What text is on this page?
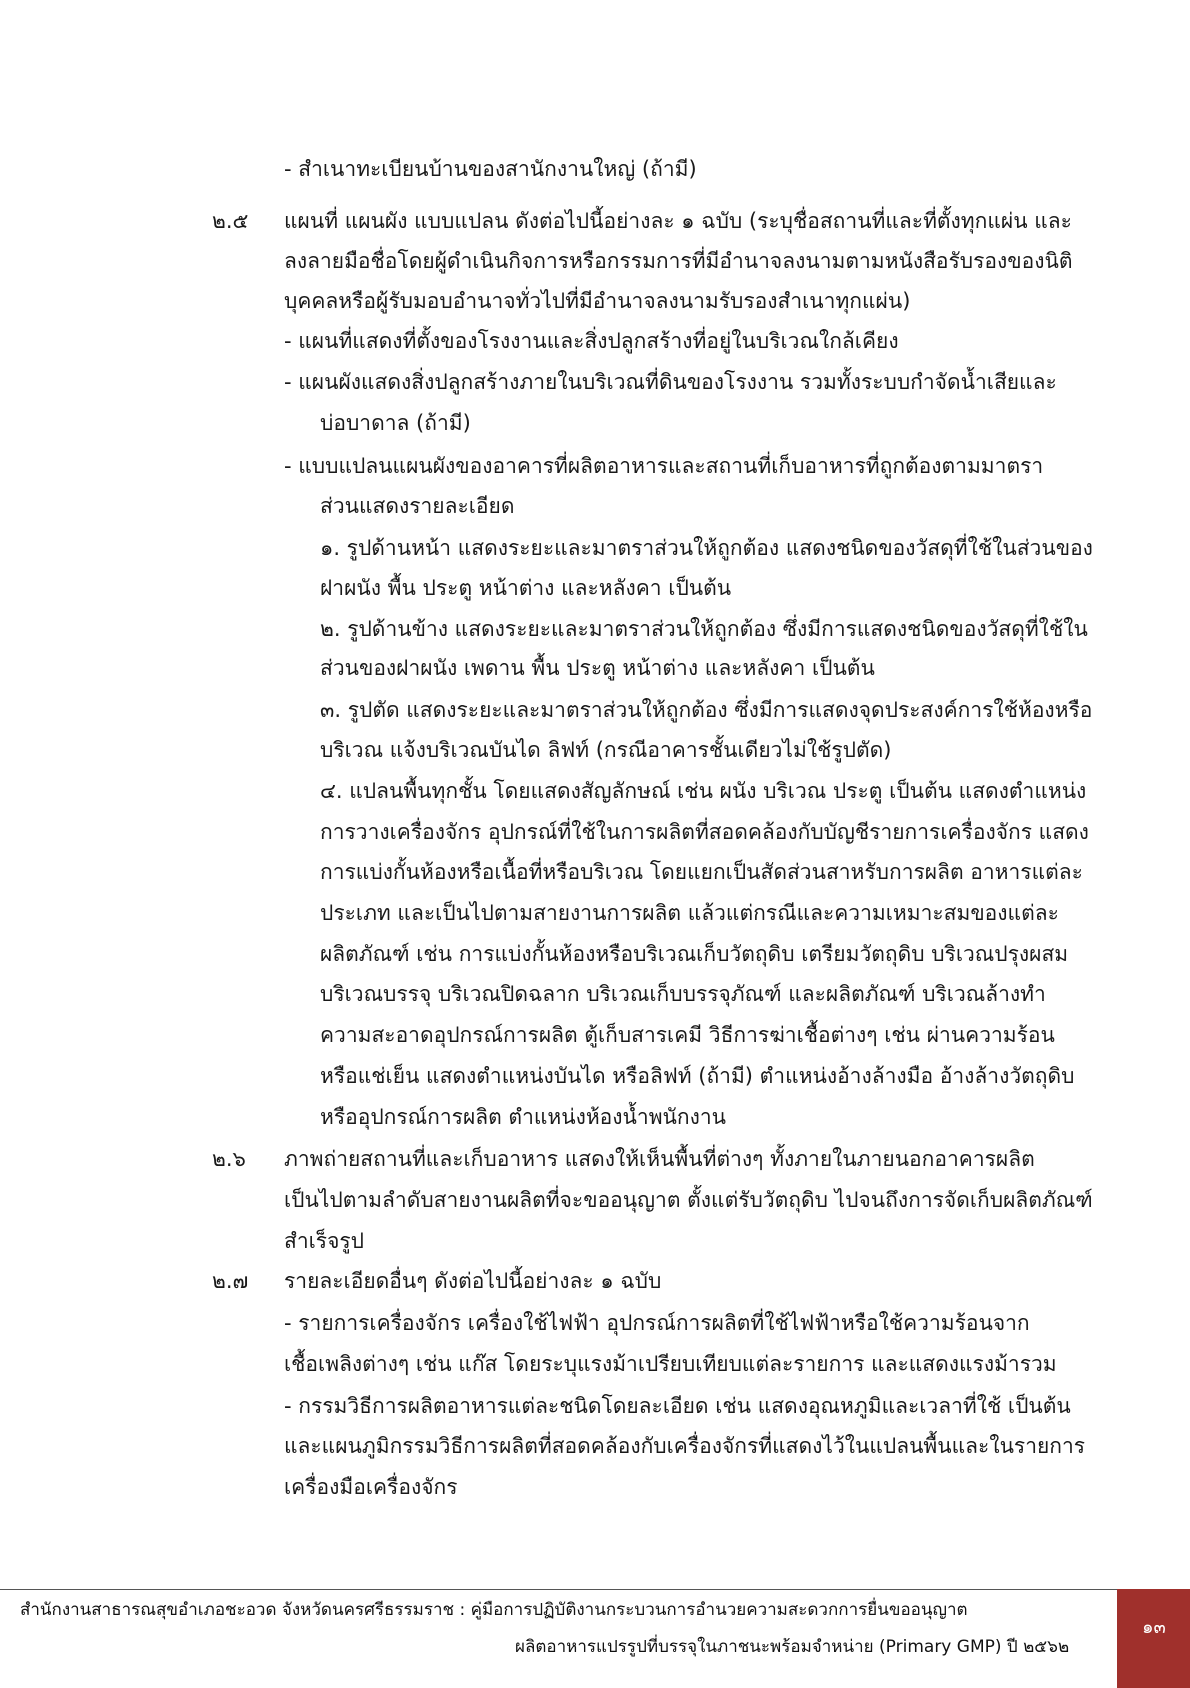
- สำเนาทะเบียนบ้านของสานักงานใหญ่ (ถ้ามี)
๒.๕ แผนที่ แผนผัง แบบแปลน ดังต่อไปนี้อย่างละ ๑ ฉบับ (ระบุชื่อสถานที่และที่ตั้งทุกแผ่น และ
ลงลายมือชื่อโดยผู้ดำเนินกิจการหรือกรรมการที่มีอำนาจลงนามตามหนังสือรับรองของนิติ
บุคคลหรือผู้รับมอบอำนาจทั่วไปที่มีอำนาจลงนามรับรองสำเนาทุกแผ่น)
- แผนที่แสดงที่ตั้งของโรงงานและสิ่งปลูกสร้างที่อยู่ในบริเวณใกล้เคียง
- แผนผังแสดงสิ่งปลูกสร้างภายในบริเวณที่ดินของโรงงาน รวมทั้งระบบกำจัดน้ำเสียและ
บ่อบาดาล (ถ้ามี)
- แบบแปลนแผนผังของอาคารที่ผลิตอาหารและสถานที่เก็บอาหารที่ถูกต้องตามมาตรา
ส่วนแสดงรายละเอียด
๑. รูปด้านหน้า แสดงระยะและมาตราส่วนให้ถูกต้อง แสดงชนิดของวัสดุที่ใช้ในส่วนของ
ฝาผนัง พื้น ประตู หน้าต่าง และหลังคา เป็นต้น
๒. รูปด้านข้าง แสดงระยะและมาตราส่วนให้ถูกต้อง ซึ่งมีการแสดงชนิดของวัสดุที่ใช้ใน
ส่วนของฝาผนัง เพดาน พื้น ประตู หน้าต่าง และหลังคา เป็นต้น
๓. รูปตัด แสดงระยะและมาตราส่วนให้ถูกต้อง ซึ่งมีการแสดงจุดประสงค์การใช้ห้องหรือ
บริเวณ แจ้งบริเวณบันได ลิฟท์ (กรณีอาคารชั้นเดียวไม่ใช้รูปตัด)
๔. แปลนพื้นทุกชั้น โดยแสดงสัญลักษณ์ เช่น ผนัง บริเวณ ประตู เป็นต้น แสดงตำแหน่ง
การวางเครื่องจักร อุปกรณ์ที่ใช้ในการผลิตที่สอดคล้องกับบัญชีรายการเครื่องจักร แสดง
การแบ่งกั้นห้องหรือเนื้อที่หรือบริเวณ โดยแยกเป็นสัดส่วนสาหรับการผลิต อาหารแต่ละ
ประเภท และเป็นไปตามสายงานการผลิต แล้วแต่กรณีและความเหมาะสมของแต่ละ
ผลิตภัณฑ์ เช่น การแบ่งกั้นห้องหรือบริเวณเก็บวัตถุดิบ เตรียมวัตถุดิบ บริเวณปรุงผสม
บริเวณบรรจุ บริเวณปิดฉลาก บริเวณเก็บบรรจุภัณฑ์ และผลิตภัณฑ์ บริเวณล้างทำ
ความสะอาดอุปกรณ์การผลิต ตู้เก็บสารเคมี วิธีการฆ่าเชื้อต่างๆ เช่น ผ่านความร้อน
หรือแช่เย็น แสดงตำแหน่งบันได หรือลิฟท์ (ถ้ามี) ตำแหน่งอ้างล้างมือ อ้างล้างวัตถุดิบ
หรืออุปกรณ์การผลิต ตำแหน่งห้องน้ำพนักงาน
๒.๖ ภาพถ่ายสถานที่และเก็บอาหาร แสดงให้เห็นพื้นที่ต่างๆ ทั้งภายในภายนอกอาคารผลิต
เป็นไปตามลำดับสายงานผลิตที่จะขออนุญาต ตั้งแต่รับวัตถุดิบ ไปจนถึงการจัดเก็บผลิตภัณฑ์
สำเร็จรูป
๒.๗ รายละเอียดอื่นๆ ดังต่อไปนี้อย่างละ ๑ ฉบับ
- รายการเครื่องจักร เครื่องใช้ไฟฟ้า อุปกรณ์การผลิตที่ใช้ไฟฟ้าหรือใช้ความร้อนจาก
เชื้อเพลิงต่างๆ เช่น แก๊ส โดยระบุแรงม้าเปรียบเทียบแต่ละรายการ และแสดงแรงม้ารวม
- กรรมวิธีการผลิตอาหารแต่ละชนิดโดยละเอียด เช่น แสดงอุณหภูมิและเวลาที่ใช้ เป็นต้น
และแผนภูมิกรรมวิธีการผลิตที่สอดคล้องกับเครื่องจักรที่แสดงไว้ในแปลนพื้นและในรายการ
เครื่องมือเครื่องจักร
สำนักงานสาธารณสุขอำเภอชะอวด จังหวัดนครศรีธรรมราช : คู่มือการปฏิบัติงานกระบวนการอำนวยความสะดวกการยื่นขออนุญาต
ผลิตอาหารแปรรูปที่บรรจุในภาชนะพร้อมจำหน่าย (Primary GMP) ปี ๒๕๖๒
๑๓
